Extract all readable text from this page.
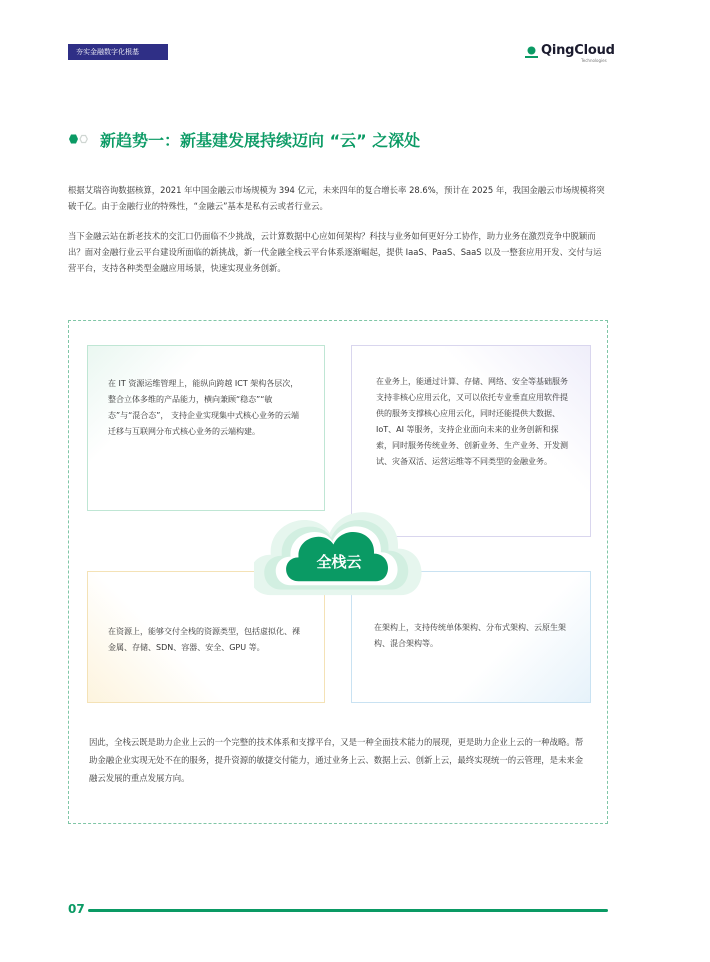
夯实金融数字化根基	QingCloud
Technologies
新趋势一：新基建发展持续迈向 “云” 之深处

根据艾瑞咨询数据核算，2021 年中国金融云市场规模为 394 亿元，未来四年的复合增长率 28.6%，预计在 2025 年，我国金融云市场规模将突破千亿。由于金融行业的特殊性，“金融云”基本是私有云或者行业云。

当下金融云站在新老技术的交汇口仍面临不少挑战，云计算数据中心应如何架构？科技与业务如何更好分工协作，助力业务在激烈竞争中脱颖而出？面对金融行业云平台建设所面临的新挑战，新一代金融全栈云平台体系逐渐崛起，提供 IaaS、PaaS、SaaS 以及一整套应用开发、交付与运营平台，支持各种类型金融应用场景，快速实现业务创新。

在 IT 资源运维管理上，能纵向跨越 ICT 架构各层次，整合立体多维的产品能力，横向兼顾“稳态”“敏态”与“混合态”， 支持企业实现集中式核心业务的云端迁移与互联网分布式核心业务的云端构建。
在业务上，能通过计算、存储、网络、安全等基础服务支持非核心应用云化，又可以依托专业垂直应用软件提供的服务支撑核心应用云化，同时还能提供大数据、IoT、AI 等服务，支持企业面向未来的业务创新和探索，同时服务传统业务、创新业务、生产业务、开发测试、灾备双活、运营运维等不同类型的金融业务。
在资源上，能够交付全栈的资源类型，包括虚拟化、裸金属、存储、SDN、容器、安全、GPU 等。
在架构上，支持传统单体架构、分布式架构、云原生架构、混合架构等。
全栈云

因此，全栈云既是助力企业上云的一个完整的技术体系和支撑平台，又是一种全面技术能力的展现，更是助力企业上云的一种战略。帮助金融企业实现无处不在的服务，提升资源的敏捷交付能力，通过业务上云、数据上云、创新上云，最终实现统一的云管理，是未来金融云发展的重点发展方向。

07
